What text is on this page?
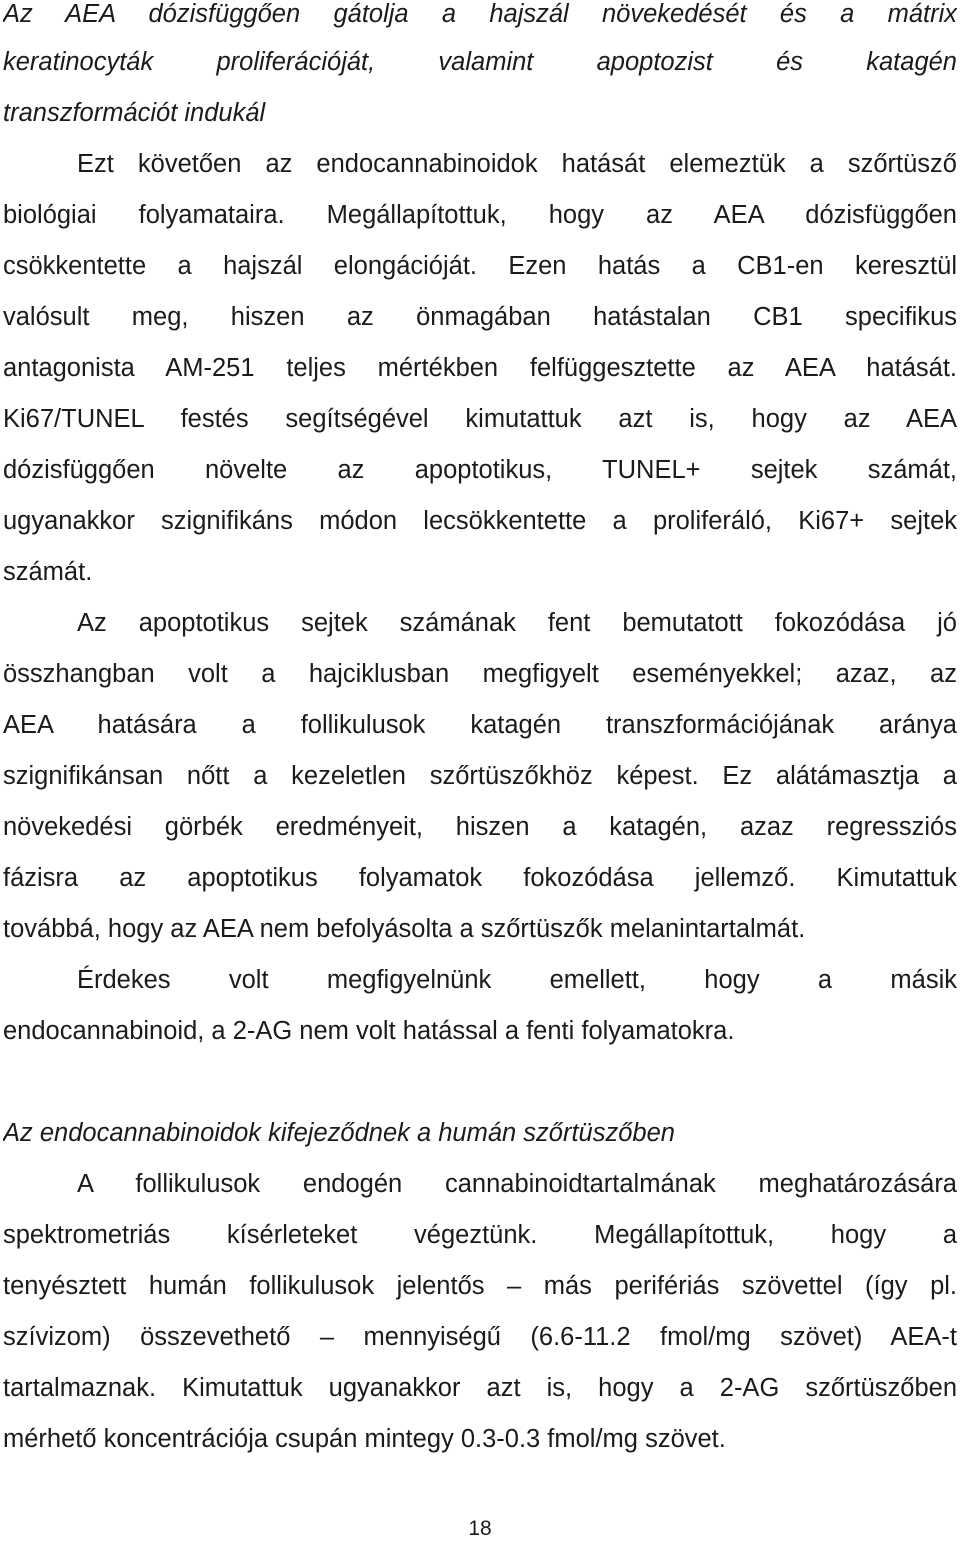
Az AEA dózisfüggően gátolja a hajszál növekedését és a mátrix
keratinocyták proliferációját, valamint apoptozist és katagén
transzformációt indukál
Ezt követően az endocannabinoidok hatását elemeztük a szőrtüsző
biológiai folyamataira. Megállapítottuk, hogy az AEA dózisfüggően
csökkentette a hajszál elongációját. Ezen hatás a CB1-en keresztül
valósult meg, hiszen az önmagában hatástalan CB1 specifikus
antagonista AM-251 teljes mértékben felfüggesztette az AEA hatását.
Ki67/TUNEL festés segítségével kimutattuk azt is, hogy az AEA
dózisfüggően növelte az apoptotikus, TUNEL+ sejtek számát,
ugyanakkor szignifikáns módon lecsökkentette a proliferáló, Ki67+ sejtek
számát.
Az apoptotikus sejtek számának fent bemutatott fokozódása jó
összhangban volt a hajciklusban megfigyelt eseményekkel; azaz, az
AEA hatására a follikulusok katagén transzformációjának aránya
szignifikánsan nőtt a kezeletlen szőrtüszőkhöz képest. Ez alátámasztja a
növekedési görbék eredményeit, hiszen a katagén, azaz regressziós
fázisra az apoptotikus folyamatok fokozódása jellemző. Kimutattuk
továbbá, hogy az AEA nem befolyásolta a szőrtüszők melanintartalmát.
Érdekes volt megfigyelnünk emellett, hogy a másik
endocannabinoid, a 2-AG nem volt hatással a fenti folyamatokra.
Az endocannabinoidok kifejeződnek a humán szőrtüszőben
A follikulusok endogén cannabinoidtartalmának meghatározására
spektrometriás kísérleteket végeztünk. Megállapítottuk, hogy a
tenyésztett humán follikulusok jelentős – más perifériás szövettel (így pl.
szívizom) összevethető – mennyiségű (6.6-11.2 fmol/mg szövet) AEA-t
tartalmaznak. Kimutattuk ugyanakkor azt is, hogy a 2-AG szőrtüszőben
mérhető koncentrációja csupán mintegy 0.3-0.3 fmol/mg szövet.
18
